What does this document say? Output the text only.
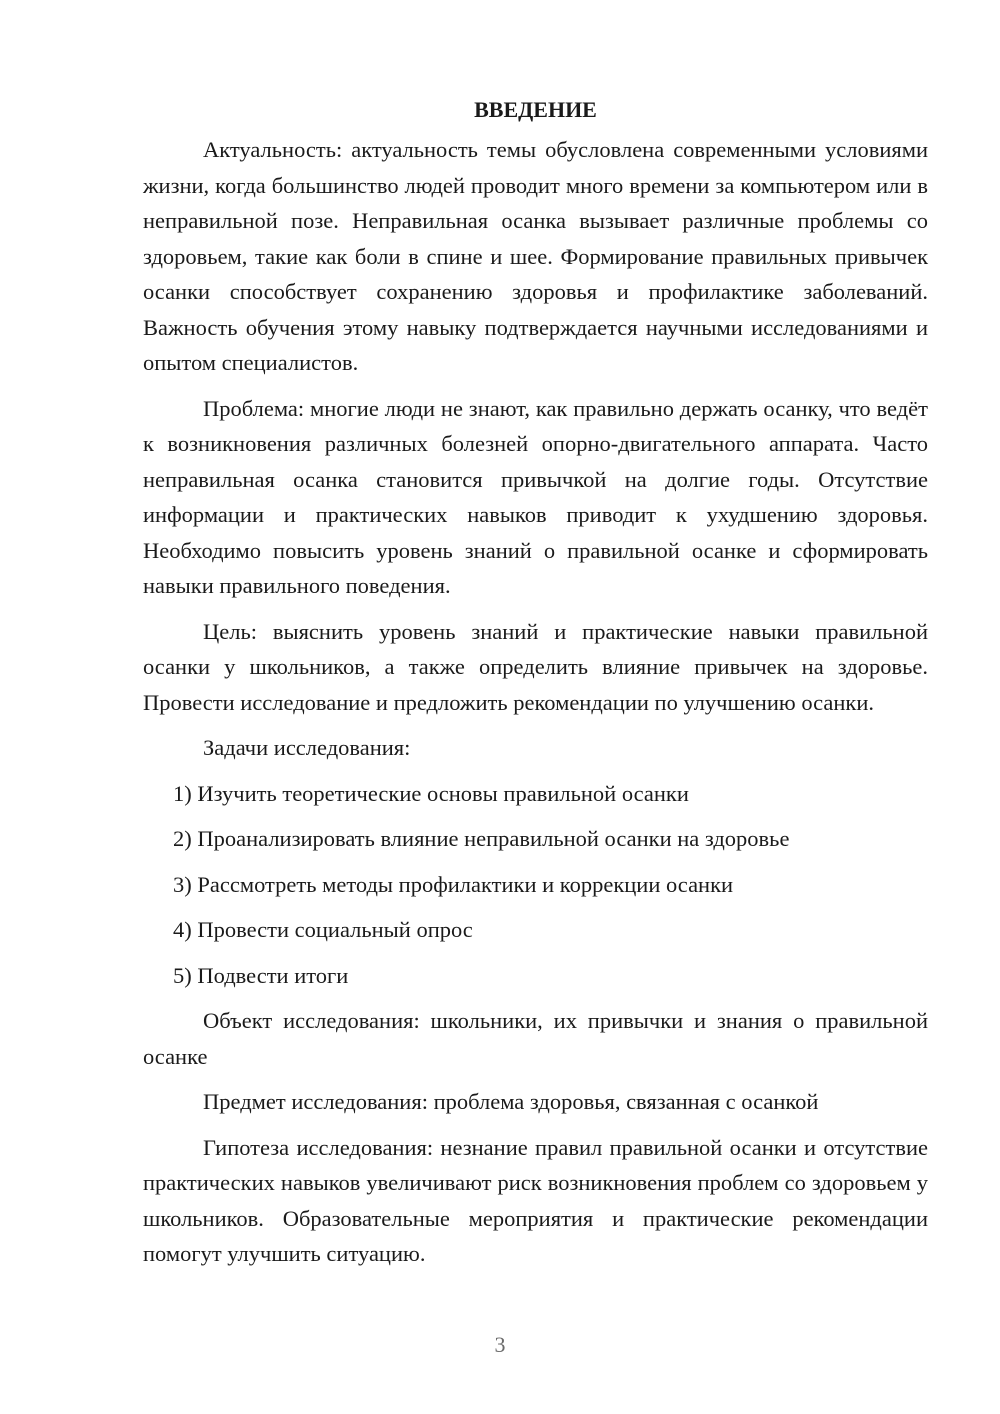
ВВЕДЕНИЕ

Актуальность: актуальность темы обусловлена современными условиями жизни, когда большинство людей проводит много времени за компьютером или в неправильной позе. Неправильная осанка вызывает различные проблемы со здоровьем, такие как боли в спине и шее. Формирование правильных привычек осанки способствует сохранению здоровья и профилактике заболеваний. Важность обучения этому навыку подтверждается научными исследованиями и опытом специалистов.

Проблема: многие люди не знают, как правильно держать осанку, что ведёт к возникновения различных болезней опорно-двигательного аппарата. Часто неправильная осанка становится привычкой на долгие годы. Отсутствие информации и практических навыков приводит к ухудшению здоровья. Необходимо повысить уровень знаний о правильной осанке и сформировать навыки правильного поведения.

Цель: выяснить уровень знаний и практические навыки правильной осанки у школьников, а также определить влияние привычек на здоровье. Провести исследование и предложить рекомендации по улучшению осанки.

Задачи исследования:
1) Изучить теоретические основы правильной осанки
2) Проанализировать влияние неправильной осанки на здоровье
3) Рассмотреть методы профилактики и коррекции осанки
4) Провести социальный опрос
5) Подвести итоги

Объект исследования: школьники, их привычки и знания о правильной осанке

Предмет исследования: проблема здоровья, связанная с осанкой

Гипотеза исследования: незнание правил правильной осанки и отсутствие практических навыков увеличивают риск возникновения проблем со здоровьем у школьников. Образовательные мероприятия и практические рекомендации помогут улучшить ситуацию.

3
